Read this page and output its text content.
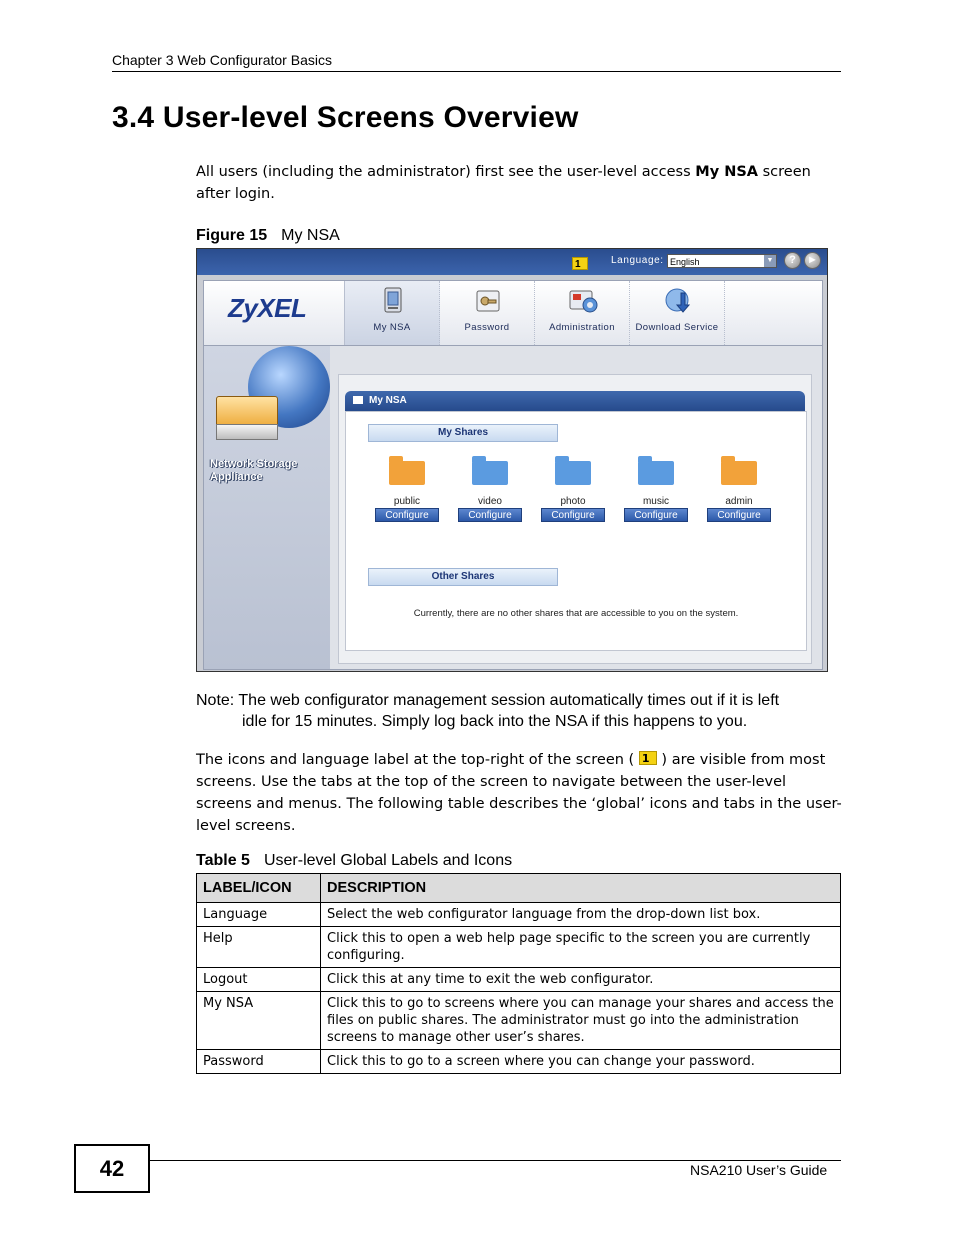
Chapter 3 Web Configurator Basics
3.4 User-level Screens Overview
All users (including the administrator) first see the user-level access My NSA screen after login.
Figure 15 My NSA
1	Language: English	▼	?	►
ZyXEL
My NSA	Password	Administration	Download Service
Network Storage Appliance
My NSA
My Shares
public
Configure
video
Configure
photo
Configure
music
Configure
admin
Configure
Other Shares
Currently, there are no other shares that are accessible to you on the system.
Note: The web configurator management session automatically times out if it is left
idle for 15 minutes. Simply log back into the NSA if this happens to you.
The icons and language label at the top-right of the screen ( 1 ) are visible from most screens. Use the tabs at the top of the screen to navigate between the user-level screens and menus. The following table describes the ‘global’ icons and tabs in the user-level screens.
Table 5 User-level Global Labels and Icons
LABEL/ICON	DESCRIPTION
Language	Select the web configurator language from the drop-down list box.
Help	Click this to open a web help page specific to the screen you are currently configuring.
Logout	Click this at any time to exit the web configurator.
My NSA	Click this to go to screens where you can manage your shares and access the files on public shares. The administrator must go into the administration screens to manage other user’s shares.
Password	Click this to go to a screen where you can change your password.
42	NSA210 User’s Guide
